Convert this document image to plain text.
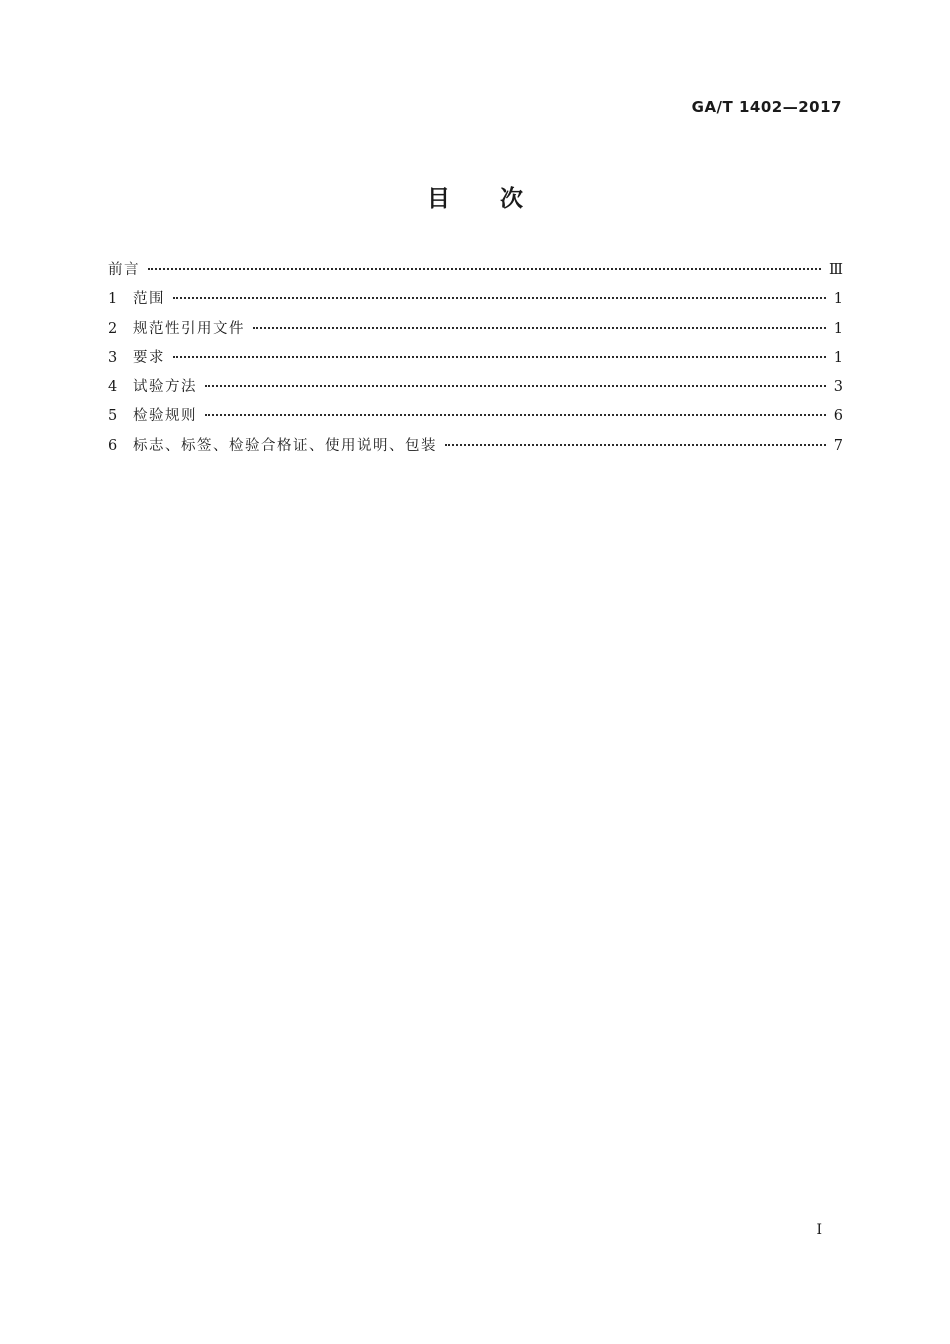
GA/T 1402—2017
目次
前言	Ⅲ
1	范围	1
2	规范性引用文件	1
3	要求	1
4	试验方法	3
5	检验规则	6
6	标志、标签、检验合格证、使用说明、包装	7
I
